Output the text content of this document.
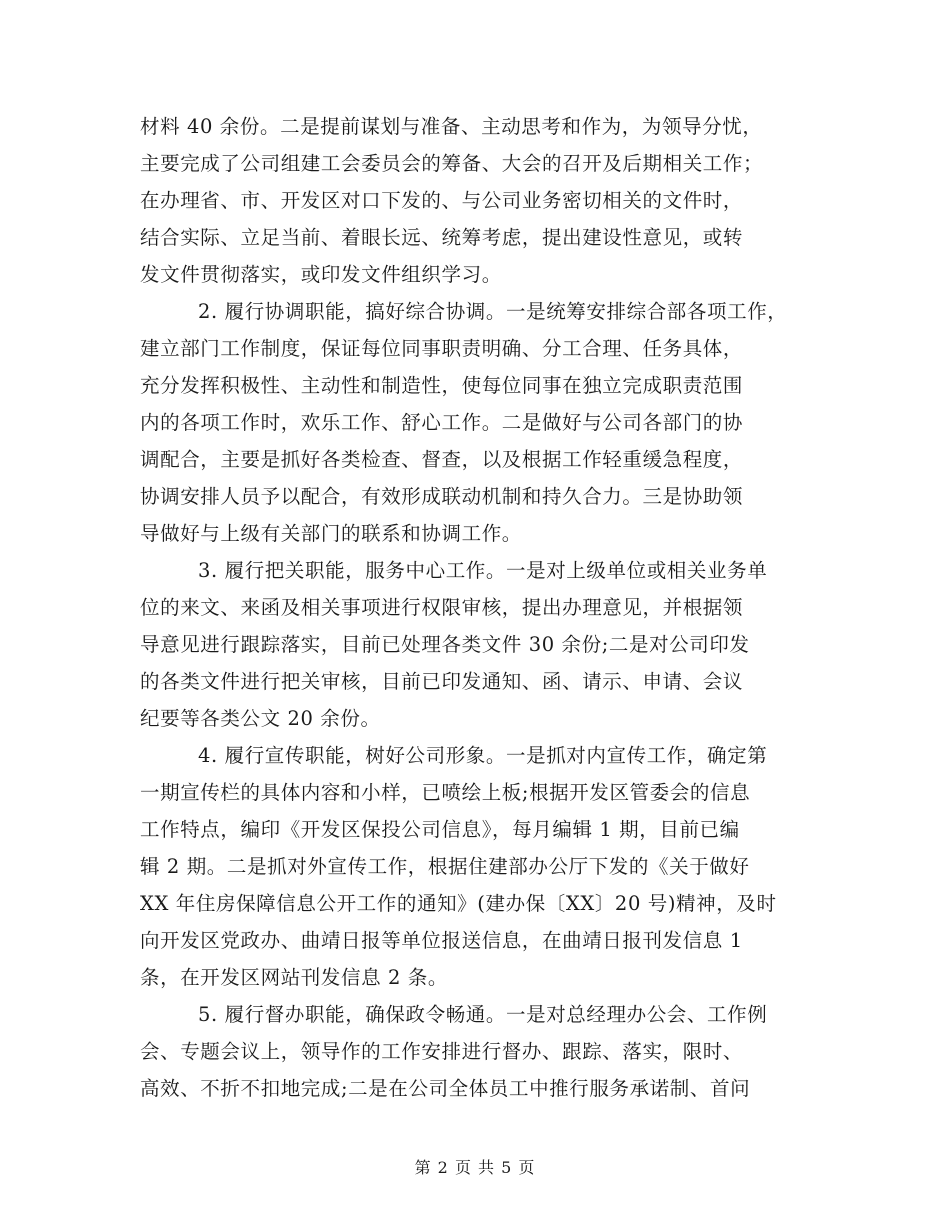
材料 40 余份。二是提前谋划与准备、主动思考和作为，为领导分忧，
主要完成了公司组建工会委员会的筹备、大会的召开及后期相关工作；
在办理省、市、开发区对口下发的、与公司业务密切相关的文件时，
结合实际、立足当前、着眼长远、统筹考虑，提出建设性意见，或转
发文件贯彻落实，或印发文件组织学习。

2. 履行协调职能，搞好综合协调。一是统筹安排综合部各项工作，
建立部门工作制度，保证每位同事职责明确、分工合理、任务具体，
充分发挥积极性、主动性和制造性，使每位同事在独立完成职责范围
内的各项工作时，欢乐工作、舒心工作。二是做好与公司各部门的协
调配合，主要是抓好各类检查、督查，以及根据工作轻重缓急程度，
协调安排人员予以配合，有效形成联动机制和持久合力。三是协助领
导做好与上级有关部门的联系和协调工作。

3. 履行把关职能，服务中心工作。一是对上级单位或相关业务单
位的来文、来函及相关事项进行权限审核，提出办理意见，并根据领
导意见进行跟踪落实，目前已处理各类文件 30 余份;二是对公司印发
的各类文件进行把关审核，目前已印发通知、函、请示、申请、会议
纪要等各类公文 20 余份。

4. 履行宣传职能，树好公司形象。一是抓对内宣传工作，确定第
一期宣传栏的具体内容和小样，已喷绘上板;根据开发区管委会的信息
工作特点，编印《开发区保投公司信息》，每月编辑 1 期，目前已编
辑 2 期。二是抓对外宣传工作，根据住建部办公厅下发的《关于做好
XX 年住房保障信息公开工作的通知》(建办保〔XX〕20 号)精神，及时
向开发区党政办、曲靖日报等单位报送信息，在曲靖日报刊发信息 1
条，在开发区网站刊发信息 2 条。

5. 履行督办职能，确保政令畅通。一是对总经理办公会、工作例
会、专题会议上，领导作的工作安排进行督办、跟踪、落实，限时、
高效、不折不扣地完成;二是在公司全体员工中推行服务承诺制、首问

第 2 页 共 5 页
